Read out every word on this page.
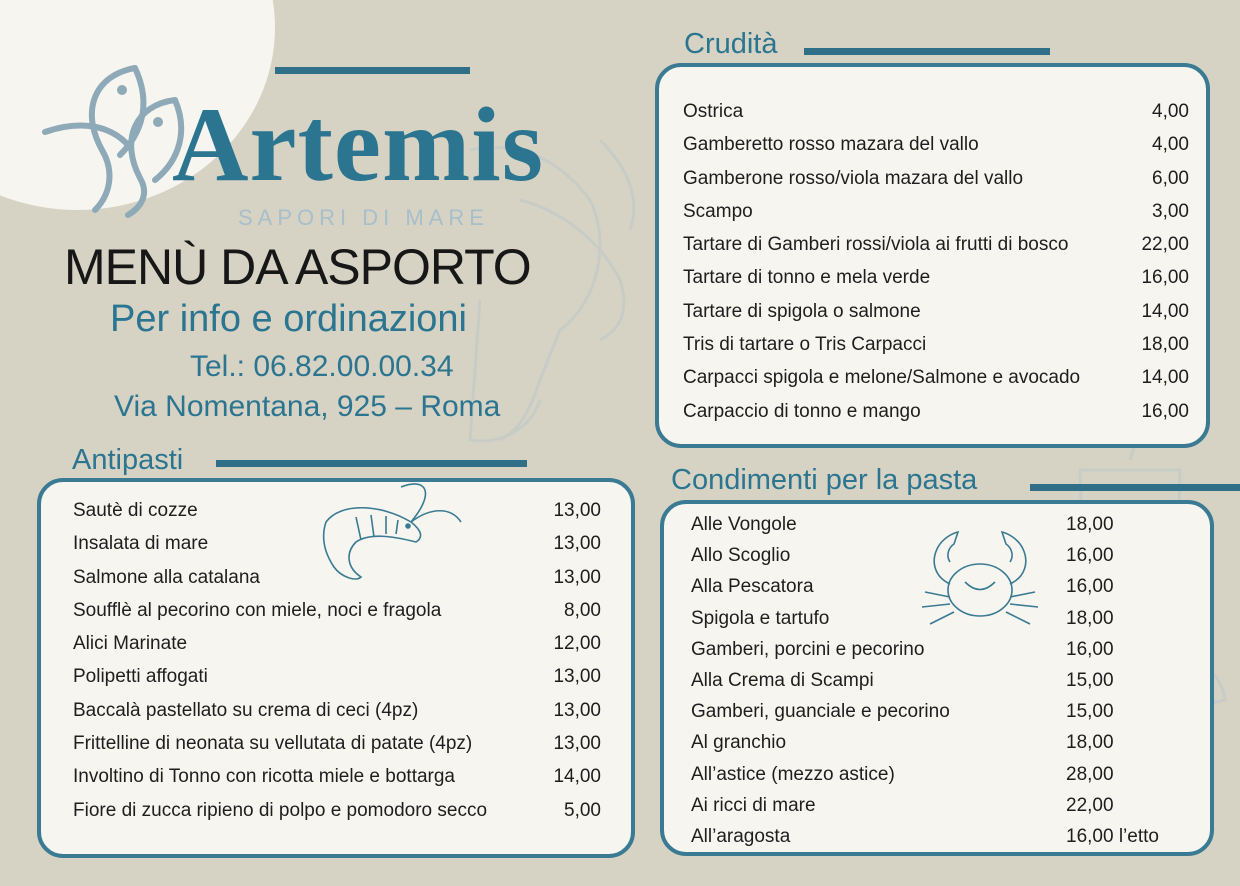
Artemis
SAPORI DI MARE
MENÙ DA ASPORTO
Per info e ordinazioni
Tel.: 06.82.00.00.34
Via Nomentana, 925 – Roma
Crudità
Ostrica	4,00
Gamberetto rosso mazara del vallo	4,00
Gamberone rosso/viola mazara del vallo	6,00
Scampo	3,00
Tartare di Gamberi rossi/viola ai frutti di bosco	22,00
Tartare di tonno e mela verde	16,00
Tartare di spigola o salmone	14,00
Tris di tartare o Tris Carpacci	18,00
Carpacci spigola e melone/Salmone e avocado	14,00
Carpaccio di tonno e mango	16,00
Antipasti
Sautè di cozze	13,00
Insalata di mare	13,00
Salmone alla catalana	13,00
Soufflè al pecorino con miele, noci e fragola	8,00
Alici Marinate	12,00
Polipetti affogati	13,00
Baccalà pastellato su crema di ceci (4pz)	13,00
Frittelline di neonata su vellutata di patate (4pz)	13,00
Involtino di Tonno con ricotta miele e bottarga	14,00
Fiore di zucca ripieno di polpo e pomodoro secco	5,00
Condimenti per la pasta
Alle Vongole	18,00
Allo Scoglio	16,00
Alla Pescatora	16,00
Spigola e tartufo	18,00
Gamberi, porcini e pecorino	16,00
Alla Crema di Scampi	15,00
Gamberi, guanciale e pecorino	15,00
Al granchio	18,00
All’astice (mezzo astice)	28,00
Ai ricci di mare	22,00
All’aragosta	16,00 l’etto
